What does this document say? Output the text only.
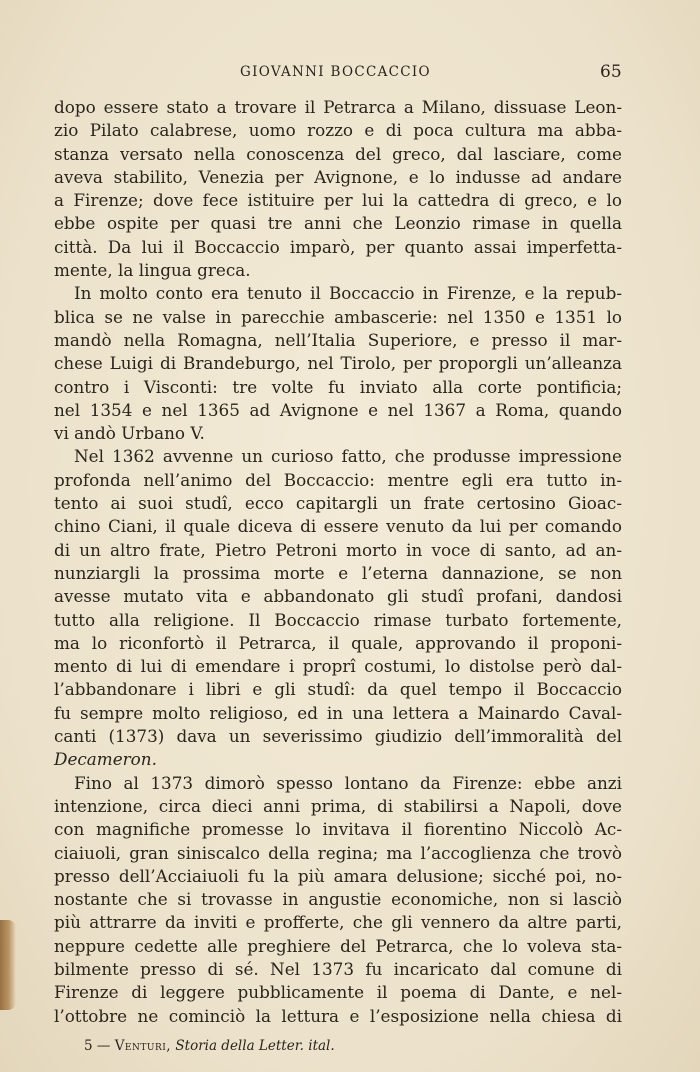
GIOVANNI BOCCACCIO	65
dopo essere stato a trovare il Petrarca a Milano, dissuase Leon-
zio Pilato calabrese, uomo rozzo e di poca cultura ma abba-
stanza versato nella conoscenza del greco, dal lasciare, come
aveva stabilito, Venezia per Avignone, e lo indusse ad andare
a Firenze; dove fece istituire per lui la cattedra di greco, e lo
ebbe ospite per quasi tre anni che Leonzio rimase in quella
città. Da lui il Boccaccio imparò, per quanto assai imperfetta-
mente, la lingua greca.
In molto conto era tenuto il Boccaccio in Firenze, e la repub-
blica se ne valse in parecchie ambascerie: nel 1350 e 1351 lo
mandò nella Romagna, nell’Italia Superiore, e presso il mar-
chese Luigi di Brandeburgo, nel Tirolo, per proporgli un’alleanza
contro i Visconti: tre volte fu inviato alla corte pontificia;
nel 1354 e nel 1365 ad Avignone e nel 1367 a Roma, quando
vi andò Urbano V.
Nel 1362 avvenne un curioso fatto, che produsse impressione
profonda nell’animo del Boccaccio: mentre egli era tutto in-
tento ai suoi studî, ecco capitargli un frate certosino Gioac-
chino Ciani, il quale diceva di essere venuto da lui per comando
di un altro frate, Pietro Petroni morto in voce di santo, ad an-
nunziargli la prossima morte e l’eterna dannazione, se non
avesse mutato vita e abbandonato gli studî profani, dandosi
tutto alla religione. Il Boccaccio rimase turbato fortemente,
ma lo riconfortò il Petrarca, il quale, approvando il proponi-
mento di lui di emendare i proprî costumi, lo distolse però dal-
l’abbandonare i libri e gli studî: da quel tempo il Boccaccio
fu sempre molto religioso, ed in una lettera a Mainardo Caval-
canti (1373) dava un severissimo giudizio dell’immoralità del
Decameron.
Fino al 1373 dimorò spesso lontano da Firenze: ebbe anzi
intenzione, circa dieci anni prima, di stabilirsi a Napoli, dove
con magnifiche promesse lo invitava il fiorentino Niccolò Ac-
ciaiuoli, gran siniscalco della regina; ma l’accoglienza che trovò
presso dell’Acciaiuoli fu la più amara delusione; sicché poi, no-
nostante che si trovasse in angustie economiche, non si lasciò
più attrarre da inviti e profferte, che gli vennero da altre parti,
neppure cedette alle preghiere del Petrarca, che lo voleva sta-
bilmente presso di sé. Nel 1373 fu incaricato dal comune di
Firenze di leggere pubblicamente il poema di Dante, e nel-
l’ottobre ne cominciò la lettura e l’esposizione nella chiesa di
5 — Venturi, Storia della Letter. ital.
